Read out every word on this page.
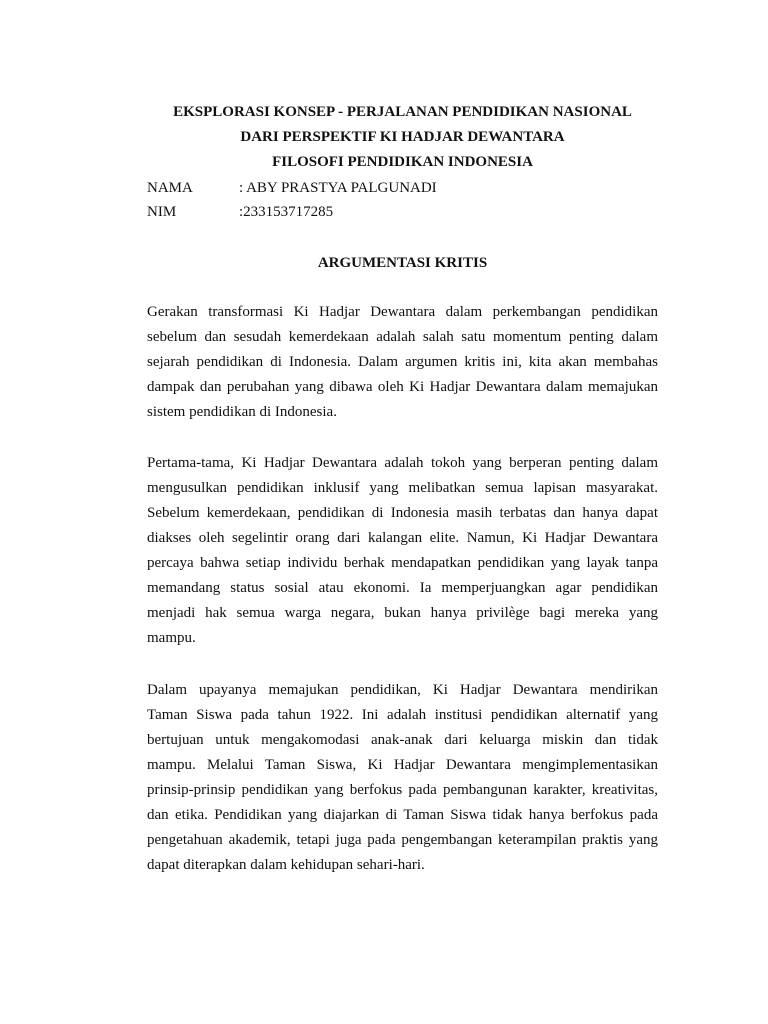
EKSPLORASI KONSEP - PERJALANAN PENDIDIKAN NASIONAL
DARI PERSPEKTIF KI HADJAR DEWANTARA
FILOSOFI PENDIDIKAN INDONESIA
NAMA	: ABY PRASTYA PALGUNADI
NIM	:233153717285
ARGUMENTASI KRITIS
Gerakan transformasi Ki Hadjar Dewantara dalam perkembangan pendidikan
sebelum dan sesudah kemerdekaan adalah salah satu momentum penting dalam
sejarah pendidikan di Indonesia. Dalam argumen kritis ini, kita akan membahas
dampak dan perubahan yang dibawa oleh Ki Hadjar Dewantara dalam memajukan
sistem pendidikan di Indonesia.
Pertama-tama, Ki Hadjar Dewantara adalah tokoh yang berperan penting dalam
mengusulkan pendidikan inklusif yang melibatkan semua lapisan masyarakat.
Sebelum kemerdekaan, pendidikan di Indonesia masih terbatas dan hanya dapat
diakses oleh segelintir orang dari kalangan elite. Namun, Ki Hadjar Dewantara
percaya bahwa setiap individu berhak mendapatkan pendidikan yang layak tanpa
memandang status sosial atau ekonomi. Ia memperjuangkan agar pendidikan
menjadi hak semua warga negara, bukan hanya privilège bagi mereka yang
mampu.
Dalam upayanya memajukan pendidikan, Ki Hadjar Dewantara mendirikan
Taman Siswa pada tahun 1922. Ini adalah institusi pendidikan alternatif yang
bertujuan untuk mengakomodasi anak-anak dari keluarga miskin dan tidak
mampu. Melalui Taman Siswa, Ki Hadjar Dewantara mengimplementasikan
prinsip-prinsip pendidikan yang berfokus pada pembangunan karakter, kreativitas,
dan etika. Pendidikan yang diajarkan di Taman Siswa tidak hanya berfokus pada
pengetahuan akademik, tetapi juga pada pengembangan keterampilan praktis yang
dapat diterapkan dalam kehidupan sehari-hari.
